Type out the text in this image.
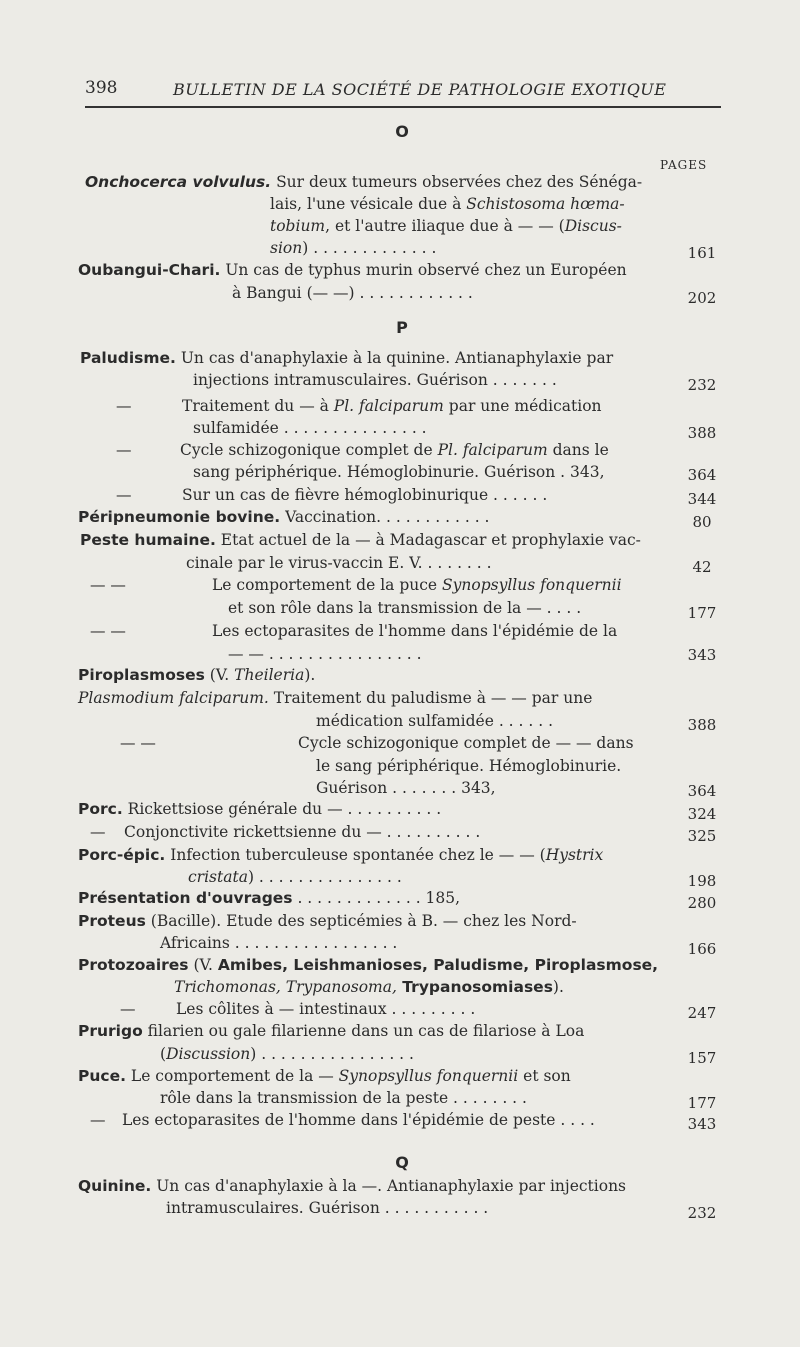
398	BULLETIN DE LA SOCIÉTÉ DE PATHOLOGIE EXOTIQUE
O
PAGES
Onchocerca volvulus. Sur deux tumeurs observées chez des Sénéga-
lais, l'une vésicale due à Schistosoma hœma-
tobium, et l'autre iliaque due à — — (Discus-
sion) . . . . . . . . . . . . .	161
Oubangui-Chari. Un cas de typhus murin observé chez un Européen
à Bangui (— —) . . . . . . . . . . . .	202
P
Paludisme. Un cas d'anaphylaxie à la quinine. Antianaphylaxie par
injections intramusculaires. Guérison . . . . . . .	232
—	Traitement du — à Pl. falciparum par une médication
sulfamidée . . . . . . . . . . . . . . .	388
—	Cycle schizogonique complet de Pl. falciparum dans le
sang périphérique. Hémoglobinurie. Guérison . 343,	364
—	Sur un cas de fièvre hémoglobinurique . . . . . .	344
Péripneumonie bovine. Vaccination. . . . . . . . . . . .	80
Peste humaine. Etat actuel de la — à Madagascar et prophylaxie vac-
cinale par le virus-vaccin E. V. . . . . . . .	42
— —	Le comportement de la puce Synopsyllus fonquernii
et son rôle dans la transmission de la — . . . .	177
— —	Les ectoparasites de l'homme dans l'épidémie de la
— — . . . . . . . . . . . . . . . .	343
Piroplasmoses (V. Theileria).
Plasmodium falciparum. Traitement du paludisme à — — par une
médication sulfamidée . . . . . .	388
— —	Cycle schizogonique complet de — — dans
le sang périphérique. Hémoglobinurie.
Guérison . . . . . . . 343,	364
Porc. Rickettsiose générale du — . . . . . . . . . .	324
— Conjonctivite rickettsienne du — . . . . . . . . . .	325
Porc-épic. Infection tuberculeuse spontanée chez le — — (Hystrix
cristata) . . . . . . . . . . . . . . .	198
Présentation d'ouvrages . . . . . . . . . . . . . 185,	280
Proteus (Bacille). Etude des septicémies à B. — chez les Nord-
Africains . . . . . . . . . . . . . . . . .	166
Protozoaires (V. Amibes, Leishmanioses, Paludisme, Piroplasmose,
Trichomonas, Trypanosoma, Trypanosomiases).
—	Les côlites à — intestinaux . . . . . . . . .	247
Prurigo filarien ou gale filarienne dans un cas de filariose à Loa
(Discussion) . . . . . . . . . . . . . . . .	157
Puce. Le comportement de la — Synopsyllus fonquernii et son
rôle dans la transmission de la peste . . . . . . . .	177
— Les ectoparasites de l'homme dans l'épidémie de peste . . . .	343
Q
Quinine. Un cas d'anaphylaxie à la —. Antianaphylaxie par injections
intramusculaires. Guérison . . . . . . . . . . .	232
